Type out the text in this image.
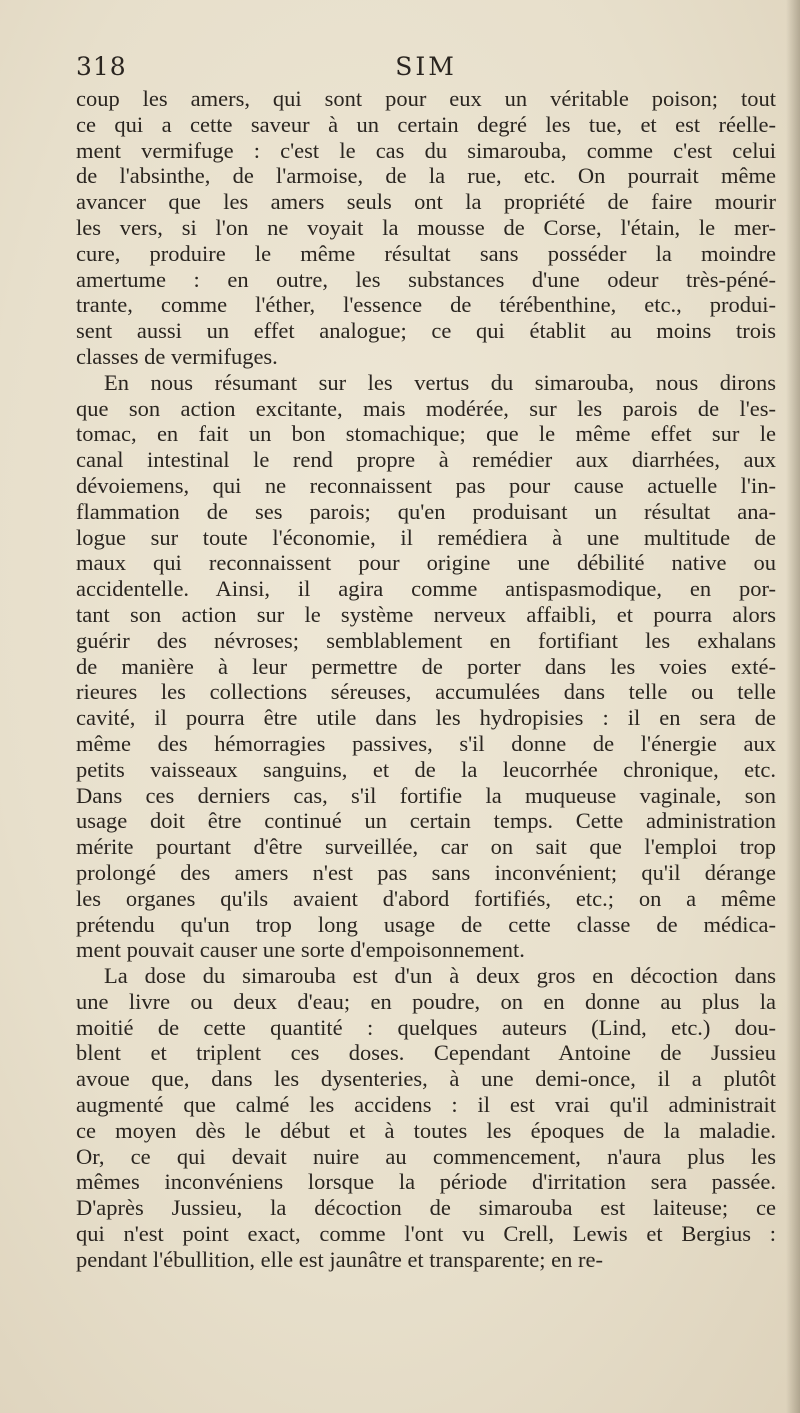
318	SIM
coup les amers, qui sont pour eux un véritable poison; tout
ce qui a cette saveur à un certain degré les tue, et est réelle-
ment vermifuge : c'est le cas du simarouba, comme c'est celui
de l'absinthe, de l'armoise, de la rue, etc. On pourrait même
avancer que les amers seuls ont la propriété de faire mourir
les vers, si l'on ne voyait la mousse de Corse, l'étain, le mer-
cure, produire le même résultat sans posséder la moindre
amertume : en outre, les substances d'une odeur très-péné-
trante, comme l'éther, l'essence de térébenthine, etc., produi-
sent aussi un effet analogue; ce qui établit au moins trois
classes de vermifuges.
En nous résumant sur les vertus du simarouba, nous dirons
que son action excitante, mais modérée, sur les parois de l'es-
tomac, en fait un bon stomachique; que le même effet sur le
canal intestinal le rend propre à remédier aux diarrhées, aux
dévoiemens, qui ne reconnaissent pas pour cause actuelle l'in-
flammation de ses parois; qu'en produisant un résultat ana-
logue sur toute l'économie, il remédiera à une multitude de
maux qui reconnaissent pour origine une débilité native ou
accidentelle. Ainsi, il agira comme antispasmodique, en por-
tant son action sur le système nerveux affaibli, et pourra alors
guérir des névroses; semblablement en fortifiant les exhalans
de manière à leur permettre de porter dans les voies exté-
rieures les collections séreuses, accumulées dans telle ou telle
cavité, il pourra être utile dans les hydropisies : il en sera de
même des hémorragies passives, s'il donne de l'énergie aux
petits vaisseaux sanguins, et de la leucorrhée chronique, etc.
Dans ces derniers cas, s'il fortifie la muqueuse vaginale, son
usage doit être continué un certain temps. Cette administration
mérite pourtant d'être surveillée, car on sait que l'emploi trop
prolongé des amers n'est pas sans inconvénient; qu'il dérange
les organes qu'ils avaient d'abord fortifiés, etc.; on a même
prétendu qu'un trop long usage de cette classe de médica-
ment pouvait causer une sorte d'empoisonnement.
La dose du simarouba est d'un à deux gros en décoction dans
une livre ou deux d'eau; en poudre, on en donne au plus la
moitié de cette quantité : quelques auteurs (Lind, etc.) dou-
blent et triplent ces doses. Cependant Antoine de Jussieu
avoue que, dans les dysenteries, à une demi-once, il a plutôt
augmenté que calmé les accidens : il est vrai qu'il administrait
ce moyen dès le début et à toutes les époques de la maladie.
Or, ce qui devait nuire au commencement, n'aura plus les
mêmes inconvéniens lorsque la période d'irritation sera passée.
D'après Jussieu, la décoction de simarouba est laiteuse; ce
qui n'est point exact, comme l'ont vu Crell, Lewis et Bergius :
pendant l'ébullition, elle est jaunâtre et transparente; en re-
